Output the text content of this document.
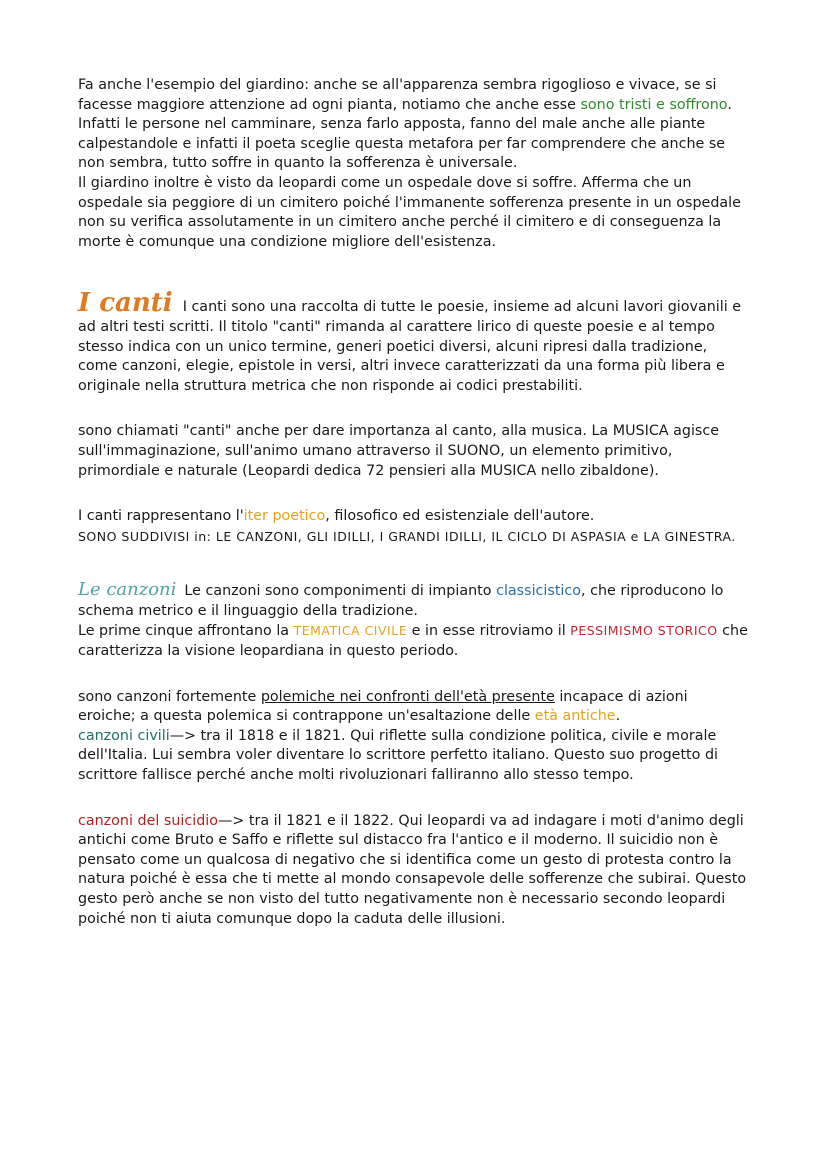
Fa anche l'esempio del giardino: anche se all'apparenza sembra rigoglioso e vivace, se si facesse maggiore attenzione ad ogni pianta, notiamo che anche esse sono tristi e soffrono. Infatti le persone nel camminare, senza farlo apposta, fanno del male anche alle piante calpestandole e infatti il poeta sceglie questa metafora per far comprendere che anche se non sembra, tutto soffre in quanto la sofferenza è universale.

Il giardino inoltre è visto da leopardi come un ospedale dove si soffre. Afferma che un ospedale sia peggiore di un cimitero poiché l'immanente sofferenza presente in un ospedale non su verifica assolutamente in un cimitero anche perché il cimitero e di conseguenza la morte è comunque una condizione migliore dell'esistenza.

I canti I canti sono una raccolta di tutte le poesie, insieme ad alcuni lavori giovanili e ad altri testi scritti. Il titolo "canti" rimanda al carattere lirico di queste poesie e al tempo stesso indica con un unico termine, generi poetici diversi, alcuni ripresi dalla tradizione, come canzoni, elegie, epistole in versi, altri invece caratterizzati da una forma più libera e originale nella struttura metrica che non risponde ai codici prestabiliti.

sono chiamati "canti" anche per dare importanza al canto, alla musica. La MUSICA agisce sull'immaginazione, sull'animo umano attraverso il SUONO, un elemento primitivo, primordiale e naturale (Leopardi dedica 72 pensieri alla MUSICA nello zibaldone).

I canti rappresentano l'iter poetico, filosofico ed esistenziale dell'autore.
SONO SUDDIVISI in: LE CANZONI, GLI IDILLI, I GRANDI IDILLI, IL CICLO DI ASPASIA e LA GINESTRA.

Le canzoni Le canzoni sono componimenti di impianto classicistico, che riproducono lo schema metrico e il linguaggio della tradizione.
Le prime cinque affrontano la TEMATICA CIVILE e in esse ritroviamo il PESSIMISMO STORICO che caratterizza la visione leopardiana in questo periodo.

sono canzoni fortemente polemiche nei confronti dell'età presente incapace di azioni eroiche; a questa polemica si contrappone un'esaltazione delle età antiche.

canzoni civili—> tra il 1818 e il 1821. Qui riflette sulla condizione politica, civile e morale dell'Italia. Lui sembra voler diventare lo scrittore perfetto italiano. Questo suo progetto di scrittore fallisce perché anche molti rivoluzionari falliranno allo stesso tempo.

canzoni del suicidio—> tra il 1821 e il 1822. Qui leopardi va ad indagare i moti d'animo degli antichi come Bruto e Saffo e riflette sul distacco fra l'antico e il moderno. Il suicidio non è pensato come un qualcosa di negativo che si identifica come un gesto di protesta contro la natura poiché è essa che ti mette al mondo consapevole delle sofferenze che subirai. Questo gesto però anche se non visto del tutto negativamente non è necessario secondo leopardi poiché non ti aiuta comunque dopo la caduta delle illusioni.
